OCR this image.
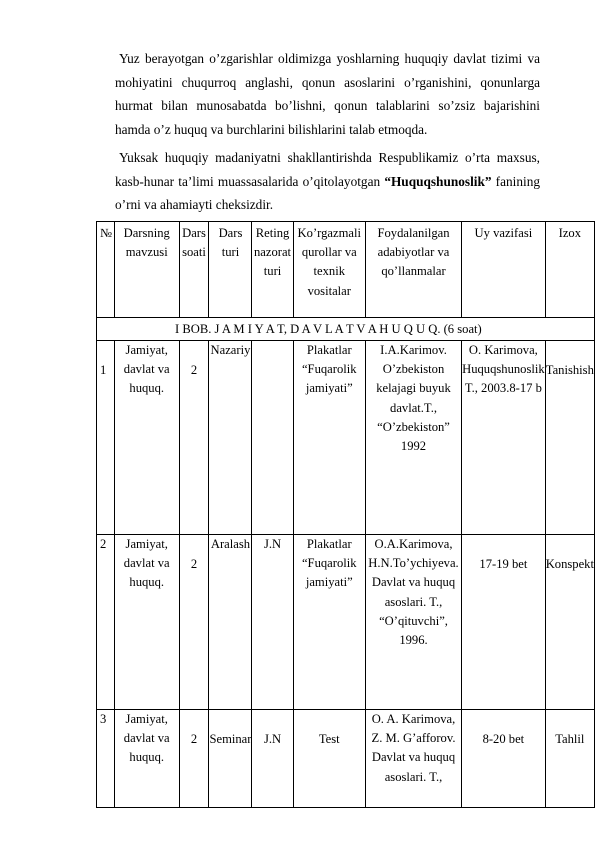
Yuz berayotgan o’zgarishlar oldimizga yoshlarning huquqiy davlat tizimi va mohiyatini chuqurroq anglashi, qonun asoslarini o’rganishini, qonunlarga hurmat bilan munosabatda bo’lishni, qonun talablarini so’zsiz bajarishini hamda o’z huquq va burchlarini bilishlarini talab etmoqda.

Yuksak huquqiy madaniyatni shakllantirishda Respublikamiz o’rta maxsus, kasb-hunar ta’limi muassasalarida o’qitolayotgan “Huquqshunoslik” fanining o’rni va ahamiayti cheksizdir.

№	Darsning mavzusi	Dars soati	Dars turi	Reting nazorat turi	Ko’rgazmali qurollar va texnik vositalar	Foydalanilgan adabiyotlar va qo’llanmalar	Uy vazifasi	Izox
I BOB. J A M I Y A T, D A V L A T V A H U Q U Q. (6 soat)								
1	Jamiyat, davlat va huquq.	2	Nazariy		Plakatlar “Fuqarolik jamiyati”	I.A.Karimov. O’zbekiston kelajagi buyuk davlat.T., “O’zbekiston” 1992	O. Karimova, Huquqshunoslik T., 2003.8-17 b	Tanishish
2	Jamiyat, davlat va huquq.	2	Aralash	J.N	Plakatlar “Fuqarolik jamiyati”	O.A.Karimova, H.N.To’ychiyeva. Davlat va huquq asoslari. T., “O’qituvchi”, 1996.	17-19 bet	Konspekt
3	Jamiyat, davlat va huquq.	2	Seminar	J.N	Test	O. A. Karimova, Z. M. G’afforov. Davlat va huquq asoslari. T.,	8-20 bet	Tahlil
